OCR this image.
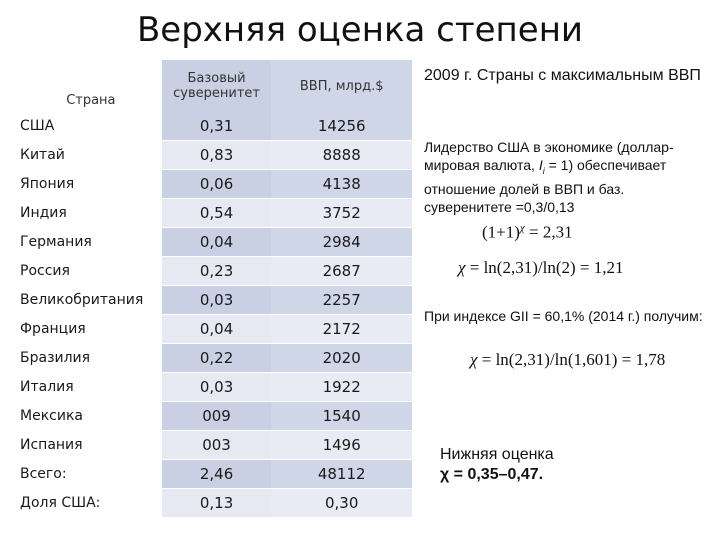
Верхняя оценка степени
Страна	Базовый суверенитет	ВВП, млрд.$
США	0,31	14256
Китай	0,83	8888
Япония	0,06	4138
Индия	0,54	3752
Германия	0,04	2984
Россия	0,23	2687
Великобритания	0,03	2257
Франция	0,04	2172
Бразилия	0,22	2020
Италия	0,03	1922
Мексика	009	1540
Испания	003	1496
Всего:	2,46	48112
Доля США:	0,13	0,30
2009 г. Страны с максимальным ВВП
Лидерство США в экономике (доллар-мировая валюта, $I_i = 1$) обеспечивает отношение долей в ВВП и баз. суверенитете =0,3/0,13
$(1+1)^\chi = 2,31$
χ = ln(2,31)/ln(2) = 1,21
При индексе GII = 60,1% (2014 г.) получим:
χ = ln(2,31)/ln(1,601) = 1,78
Нижняя оценка
χ = 0,35–0,47.
